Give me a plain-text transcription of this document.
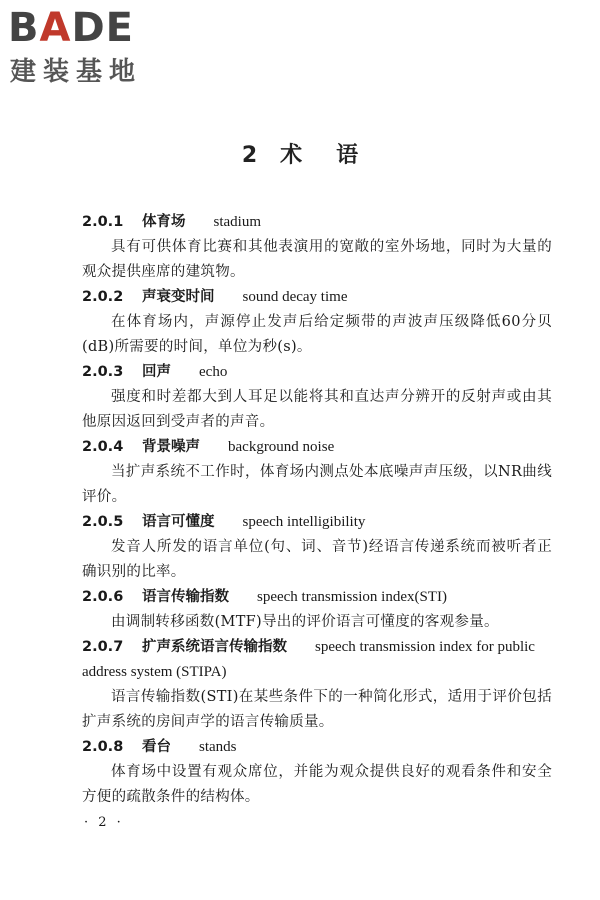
BADE
建装基地
2 术 语
2.0.1 体育场 stadium
具有可供体育比赛和其他表演用的宽敞的室外场地，同时为大量的观众提供座席的建筑物。
2.0.2 声衰变时间 sound decay time
在体育场内，声源停止发声后给定频带的声波声压级降低60分贝(dB)所需要的时间，单位为秒(s)。
2.0.3 回声 echo
强度和时差都大到人耳足以能将其和直达声分辨开的反射声或由其他原因返回到受声者的声音。
2.0.4 背景噪声 background noise
当扩声系统不工作时，体育场内测点处本底噪声声压级，以NR曲线评价。
2.0.5 语言可懂度 speech intelligibility
发音人所发的语言单位(句、词、音节)经语言传递系统而被听者正确识别的比率。
2.0.6 语言传输指数 speech transmission index(STI)
由调制转移函数(MTF)导出的评价语言可懂度的客观参量。
2.0.7 扩声系统语言传输指数 speech transmission index for public address system (STIPA)
语言传输指数(STI)在某些条件下的一种简化形式，适用于评价包括扩声系统的房间声学的语言传输质量。
2.0.8 看台 stands
体育场中设置有观众席位，并能为观众提供良好的观看条件和安全方便的疏散条件的结构体。
· 2 ·
